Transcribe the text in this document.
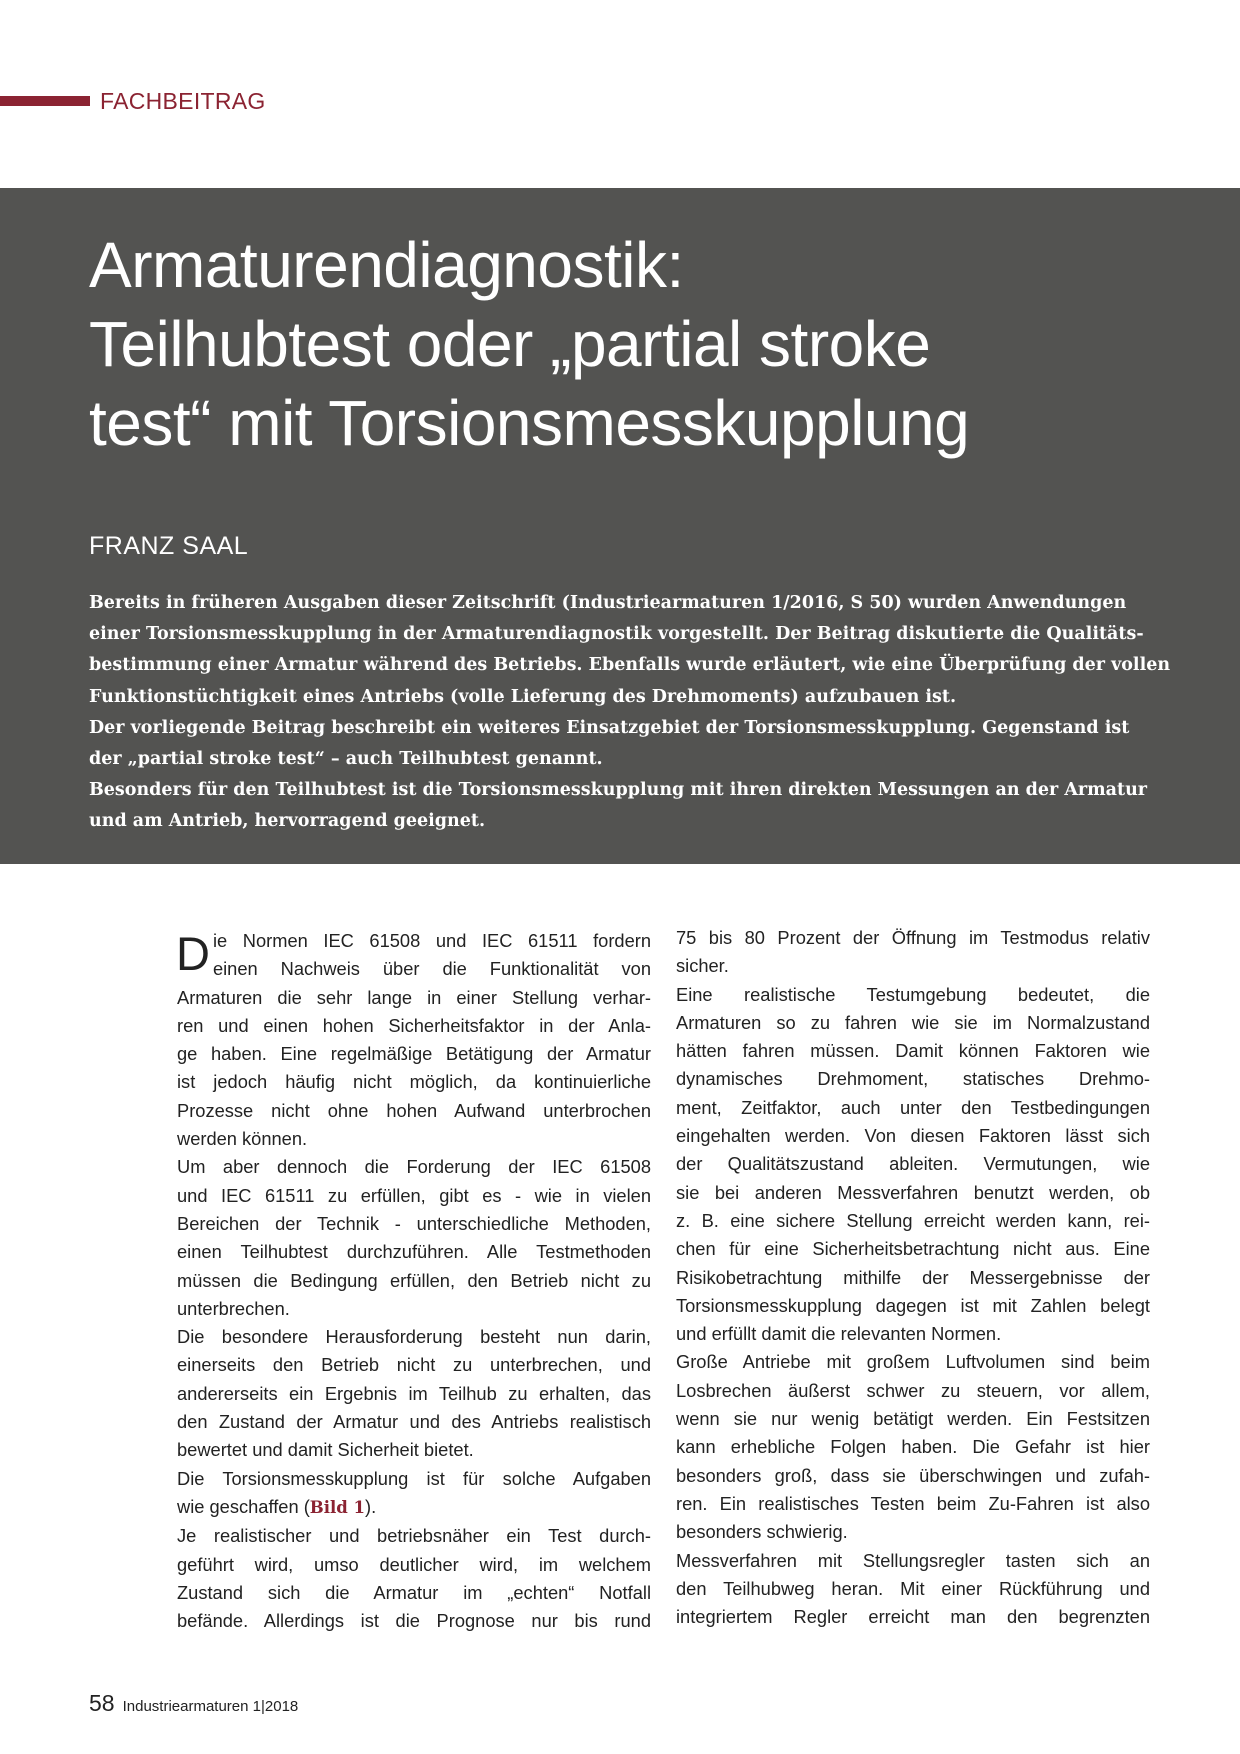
FACHBEITRAG
Armaturendiagnostik:
Teilhubtest oder „partial stroke
test“ mit Torsionsmesskupplung
FRANZ SAAL

Bereits in früheren Ausgaben dieser Zeitschrift (Industriearmaturen 1/2016, S 50) wurden Anwendungen
einer Torsionsmesskupplung in der Armaturendiagnostik vorgestellt. Der Beitrag diskutierte die Qualitäts-
bestimmung einer Armatur während des Betriebs. Ebenfalls wurde erläutert, wie eine Überprüfung der vollen
Funktionstüchtigkeit eines Antriebs (volle Lieferung des Drehmoments) aufzubauen ist.

Der vorliegende Beitrag beschreibt ein weiteres Einsatzgebiet der Torsionsmesskupplung. Gegenstand ist
der „partial stroke test“ – auch Teilhubtest genannt.

Besonders für den Teilhubtest ist die Torsionsmesskupplung mit ihren direkten Messungen an der Armatur
und am Antrieb, hervorragend geeignet.

D ie Normen IEC 61508 und IEC 61511 fordern
einen Nachweis über die Funktionalität von
Armaturen die sehr lange in einer Stellung verhar-
ren und einen hohen Sicherheitsfaktor in der Anla-
ge haben. Eine regelmäßige Betätigung der Armatur
ist jedoch häufig nicht möglich, da kontinuierliche
Prozesse nicht ohne hohen Aufwand unterbrochen
werden können.

Um aber dennoch die Forderung der IEC 61508
und IEC 61511 zu erfüllen, gibt es - wie in vielen
Bereichen der Technik - unterschiedliche Methoden,
einen Teilhubtest durchzuführen. Alle Testmethoden
müssen die Bedingung erfüllen, den Betrieb nicht zu
unterbrechen.

Die besondere Herausforderung besteht nun darin,
einerseits den Betrieb nicht zu unterbrechen, und
andererseits ein Ergebnis im Teilhub zu erhalten, das
den Zustand der Armatur und des Antriebs realistisch
bewertet und damit Sicherheit bietet.

Die Torsionsmesskupplung ist für solche Aufgaben
wie geschaffen (Bild 1).

Je realistischer und betriebsnäher ein Test durch-
geführt wird, umso deutlicher wird, im welchem
Zustand sich die Armatur im „echten“ Notfall
befände. Allerdings ist die Prognose nur bis rund

75 bis 80 Prozent der Öffnung im Testmodus relativ
sicher.

Eine realistische Testumgebung bedeutet, die
Armaturen so zu fahren wie sie im Normalzustand
hätten fahren müssen. Damit können Faktoren wie
dynamisches Drehmoment, statisches Drehmo-
ment, Zeitfaktor, auch unter den Testbedingungen
eingehalten werden. Von diesen Faktoren lässt sich
der Qualitätszustand ableiten. Vermutungen, wie
sie bei anderen Messverfahren benutzt werden, ob
z. B. eine sichere Stellung erreicht werden kann, rei-
chen für eine Sicherheitsbetrachtung nicht aus. Eine
Risikobetrachtung mithilfe der Messergebnisse der
Torsionsmesskupplung dagegen ist mit Zahlen belegt
und erfüllt damit die relevanten Normen.

Große Antriebe mit großem Luftvolumen sind beim
Losbrechen äußerst schwer zu steuern, vor allem,
wenn sie nur wenig betätigt werden. Ein Festsitzen
kann erhebliche Folgen haben. Die Gefahr ist hier
besonders groß, dass sie überschwingen und zufah-
ren. Ein realistisches Testen beim Zu-Fahren ist also
besonders schwierig.

Messverfahren mit Stellungsregler tasten sich an
den Teilhubweg heran. Mit einer Rückführung und
integriertem Regler erreicht man den begrenzten

58 Industriearmaturen 1|2018
